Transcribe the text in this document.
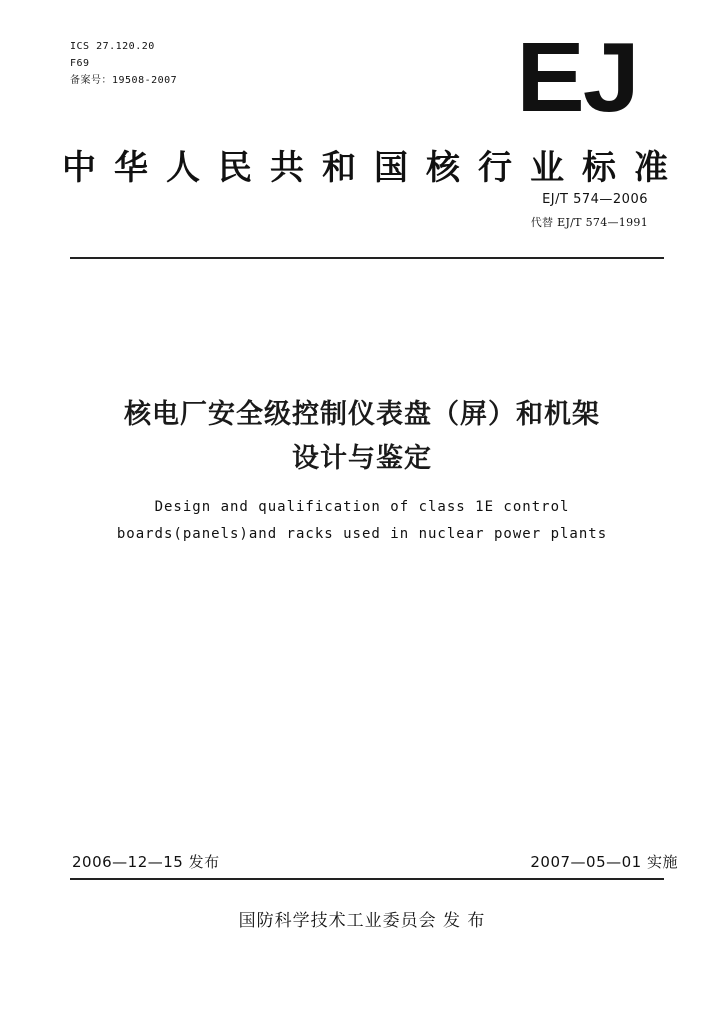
ICS 27.120.20
F69
备案号：19508-2007	EJ
中华人民共和国核行业标准
EJ/T 574—2006
代替 EJ/T 574—1991
核电厂安全级控制仪表盘（屏）和机架
设计与鉴定
Design and qualification of class 1E control
boards(panels)and racks used in nuclear power plants
2006—12—15 发布	2007—05—01 实施
国防科学技术工业委员会 发 布
